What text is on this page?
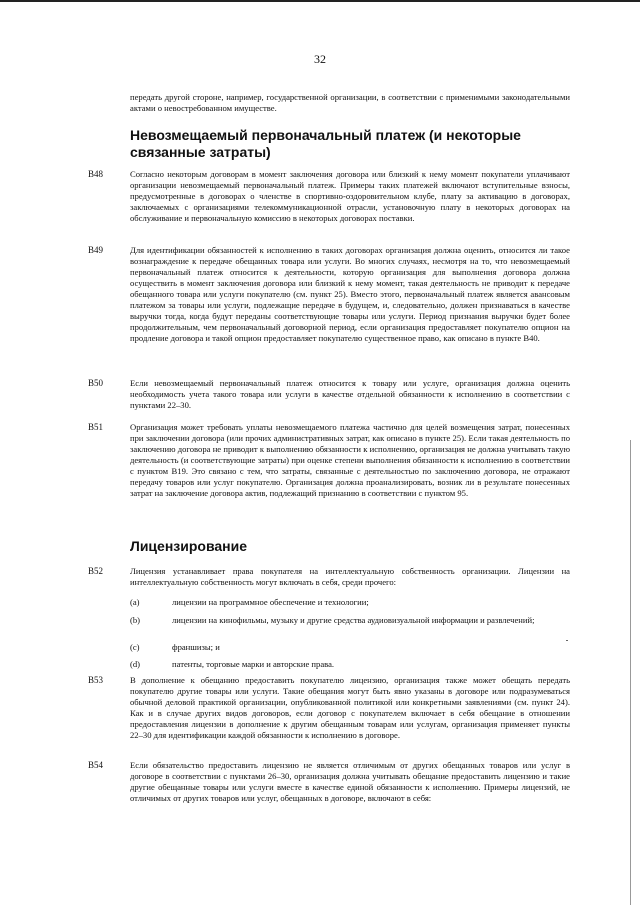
32

передать другой стороне, например, государственной организации, в соответствии с применимыми законодательными актами о невостребованном имуществе.

Невозмещаемый первоначальный платеж (и некоторые связанные затраты)
B48	Согласно некоторым договорам в момент заключения договора или близкий к нему момент покупатели уплачивают организации невозмещаемый первоначальный платеж. Примеры таких платежей включают вступительные взносы, предусмотренные в договорах о членстве в спортивно-оздоровительном клубе, плату за активацию в договорах, заключаемых с организациями телекоммуникационной отрасли, установочную плату в некоторых договорах на обслуживание и первоначальную комиссию в некоторых договорах поставки.

B49	Для идентификации обязанностей к исполнению в таких договорах организация должна оценить, относится ли такое вознаграждение к передаче обещанных товара или услуги. Во многих случаях, несмотря на то, что невозмещаемый первоначальный платеж относится к деятельности, которую организация для выполнения договора должна осуществить в момент заключения договора или близкий к нему момент, такая деятельность не приводит к передаче обещанного товара или услуги покупателю (см. пункт 25). Вместо этого, первоначальный платеж является авансовым платежом за товары или услуги, подлежащие передаче в будущем, и, следовательно, должен признаваться в качестве выручки тогда, когда будут переданы соответствующие товары или услуги. Период признания выручки будет более продолжительным, чем первоначальный договорной период, если организация предоставляет покупателю опцион на продление договора и такой опцион предоставляет покупателю существенное право, как описано в пункте B40.

B50	Если невозмещаемый первоначальный платеж относится к товару или услуге, организация должна оценить необходимость учета такого товара или услуги в качестве отдельной обязанности к исполнению в соответствии с пунктами 22–30.

B51	Организация может требовать уплаты невозмещаемого платежа частично для целей возмещения затрат, понесенных при заключении договора (или прочих административных затрат, как описано в пункте 25). Если такая деятельность по заключению договора не приводит к выполнению обязанности к исполнению, организация не должна учитывать такую деятельность (и соответствующие затраты) при оценке степени выполнения обязанности к исполнению в соответствии с пунктом B19. Это связано с тем, что затраты, связанные с деятельностью по заключению договора, не отражают передачу товаров или услуг покупателю. Организация должна проанализировать, возник ли в результате понесенных затрат на заключение договора актив, подлежащий признанию в соответствии с пунктом 95.

Лицензирование
B52	Лицензия устанавливает права покупателя на интеллектуальную собственность организации. Лицензии на интеллектуальную собственность могут включать в себя, среди прочего:

(a)	лицензии на программное обеспечение и технологии;
(b)	лицензии на кинофильмы, музыку и другие средства аудиовизуальной информации и развлечений;
(c)	франшизы; и
(d)	патенты, торговые марки и авторские права.
B53	В дополнение к обещанию предоставить покупателю лицензию, организация также может обещать передать покупателю другие товары или услуги. Такие обещания могут быть явно указаны в договоре или подразумеваться обычной деловой практикой организации, опубликованной политикой или конкретными заявлениями (см. пункт 24). Как и в случае других видов договоров, если договор с покупателем включает в себя обещание в отношении предоставления лицензии в дополнение к другим обещанным товарам или услугам, организация применяет пункты 22–30 для идентификации каждой обязанности к исполнению в договоре.

B54	Если обязательство предоставить лицензию не является отличимым от других обещанных товаров или услуг в договоре в соответствии с пунктами 26–30, организация должна учитывать обещание предоставить лицензию и такие другие обещанные товары или услуги вместе в качестве единой обязанности к исполнению. Примеры лицензий, не отличимых от других товаров или услуг, обещанных в договоре, включают в себя:
